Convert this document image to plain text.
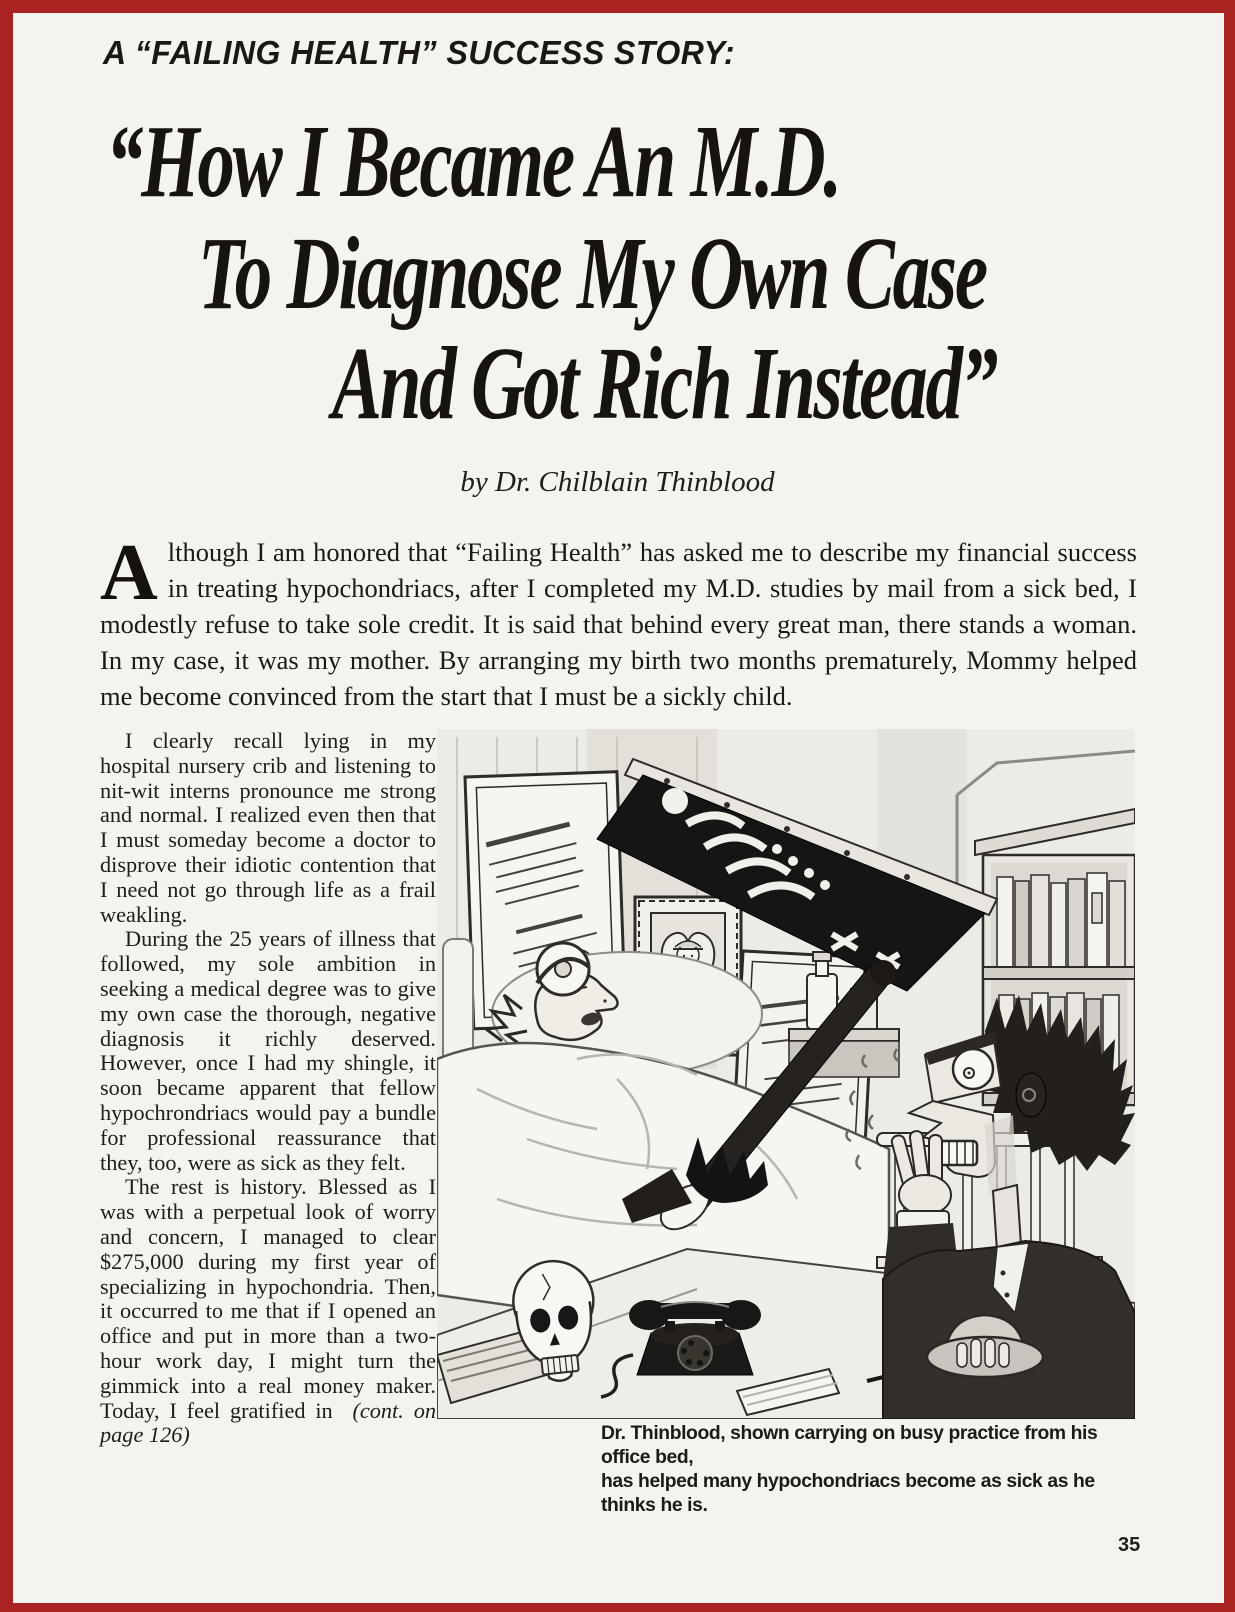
A “FAILING HEALTH” SUCCESS STORY:
“How I Became An M.D.
To Diagnose My Own Case
And Got Rich Instead”
by Dr. Chilblain Thinblood
Although I am honored that “Failing Health” has asked me to describe my financial success in treating hypochondriacs, after I completed my M.D. studies by mail from a sick bed, I modestly refuse to take sole credit. It is said that behind every great man, there stands a woman. In my case, it was my mother. By arranging my birth two months prematurely, Mommy helped me become convinced from the start that I must be a sickly child.

I clearly recall lying in my hospital nursery crib and listening to nit-wit interns pronounce me strong and normal. I realized even then that I must someday become a doctor to disprove their idiotic contention that I need not go through life as a frail weakling.

During the 25 years of illness that followed, my sole ambition in seeking a medical degree was to give my own case the thorough, negative diagnosis it richly deserved. However, once I had my shingle, it soon became apparent that fellow hypochrondriacs would pay a bundle for professional reassurance that they, too, were as sick as they felt.

The rest is history. Blessed as I was with a perpetual look of worry and concern, I managed to clear $275,000 during my first year of specializing in hypochondria. Then, it occurred to me that if I opened an office and put in more than a two-hour work day, I might turn the gimmick into a real money maker. Today, I feel gratified in (cont. on page 126)	Dr. Thinblood, shown carrying on busy practice from his office bed,
has helped many hypochondriacs become as sick as he thinks he is.
35
